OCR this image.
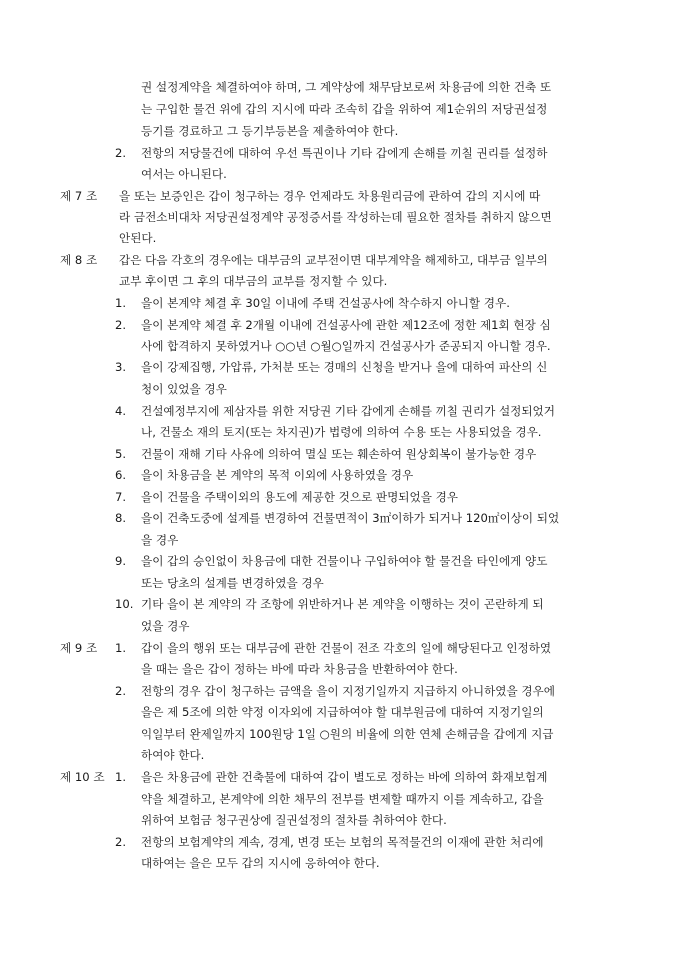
권 설정계약을 체결하여야 하며, 그 계약상에 채무담보로써 차용금에 의한 건축 또
는 구입한 물건 위에 갑의 지시에 따라 조속히 갑을 위하여 제1순위의 저당권설정
등기를 경료하고 그 등기부등본을 제출하여야 한다.
2. 전항의 저당물건에 대하여 우선 특권이나 기타 갑에게 손해를 끼칠 권리를 설정하
여서는 아니된다.
제 7 조 을 또는 보증인은 갑이 청구하는 경우 언제라도 차용원리금에 관하여 갑의 지시에 따
라 금전소비대차 저당권설정계약 공정증서를 작성하는데 필요한 절차를 취하지 않으면
안된다.
제 8 조 갑은 다음 각호의 경우에는 대부금의 교부전이면 대부계약을 해제하고, 대부금 일부의
교부 후이면 그 후의 대부금의 교부를 정지할 수 있다.
1. 을이 본계약 체결 후 30일 이내에 주택 건설공사에 착수하지 아니할 경우.
2. 을이 본계약 체결 후 2개월 이내에 건설공사에 관한 제12조에 정한 제1회 현장 심
사에 합격하지 못하였거나 ○○년 ○월○일까지 건설공사가 준공되지 아니할 경우.
3. 을이 강제집행, 가압류, 가처분 또는 경매의 신청을 받거나 을에 대하여 파산의 신
청이 있었을 경우
4. 건설예정부지에 제삼자를 위한 저당권 기타 갑에게 손해를 끼칠 권리가 설정되었거
나, 건물소 재의 토지(또는 차지권)가 법령에 의하여 수용 또는 사용되었을 경우.
5. 건물이 재해 기타 사유에 의하여 멸실 또는 훼손하여 원상회복이 불가능한 경우
6. 을이 차용금을 본 계약의 목적 이외에 사용하였을 경우
7. 을이 건물을 주택이외의 용도에 제공한 것으로 판명되었을 경우
8. 을이 건축도중에 설계를 변경하여 건물면적이 3㎡이하가 되거나 120㎡이상이 되었
을 경우
9. 을이 갑의 승인없이 차용금에 대한 건물이나 구입하여야 할 물건을 타인에게 양도
또는 당초의 설계를 변경하였을 경우
10. 기타 을이 본 계약의 각 조항에 위반하거나 본 계약을 이행하는 것이 곤란하게 되
었을 경우
제 9 조 1. 갑이 을의 행위 또는 대부금에 관한 건물이 전조 각호의 일에 해당된다고 인정하였
을 때는 을은 갑이 정하는 바에 따라 차용금을 반환하여야 한다.
2. 전항의 경우 갑이 청구하는 금액을 을이 지정기일까지 지급하지 아니하였을 경우에
을은 제 5조에 의한 약정 이자외에 지급하여야 할 대부원금에 대하여 지정기일의
익일부터 완제일까지 100원당 1일 ○원의 비율에 의한 연체 손해금을 갑에게 지급
하여야 한다.
제 10 조 1. 을은 차용금에 관한 건축물에 대하여 갑이 별도로 정하는 바에 의하여 화재보험계
약을 체결하고, 본계약에 의한 채무의 전부를 변제할 때까지 이를 계속하고, 갑을
위하여 보험금 청구권상에 질권설정의 절차를 취하여야 한다.
2. 전항의 보험계약의 계속, 경계, 변경 또는 보험의 목적물건의 이재에 관한 처리에
대하여는 을은 모두 갑의 지시에 응하여야 한다.
